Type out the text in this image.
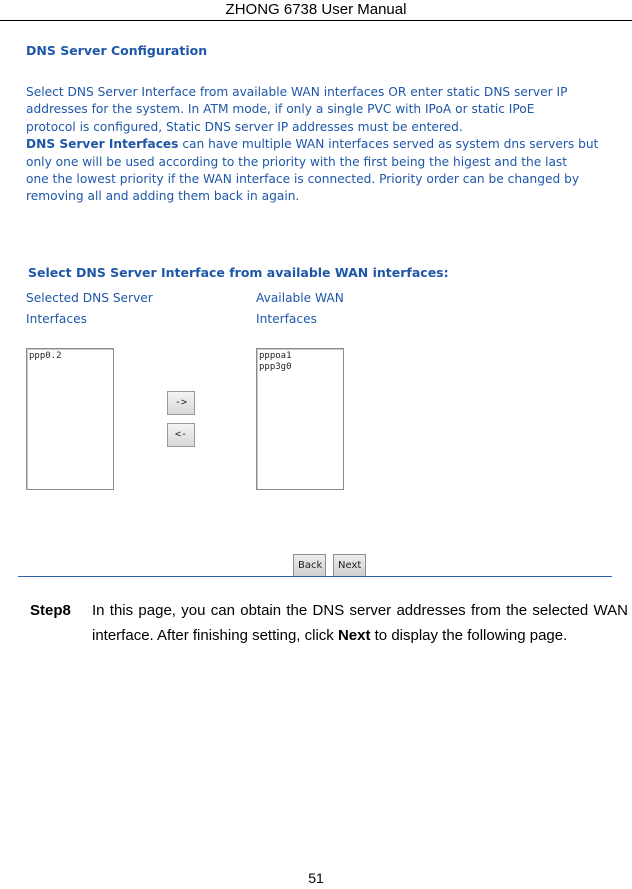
ZHONG 6738 User Manual
DNS Server Configuration

Select DNS Server Interface from available WAN interfaces OR enter static DNS server IP

addresses for the system. In ATM mode, if only a single PVC with IPoA or static IPoE

protocol is configured, Static DNS server IP addresses must be entered.

DNS Server Interfaces can have multiple WAN interfaces served as system dns servers but

only one will be used according to the priority with the first being the higest and the last

one the lowest priority if the WAN interface is connected. Priority order can be changed by

removing all and adding them back in again.

Select DNS Server Interface from available WAN interfaces:
Selected DNS Server
Interfaces
Available WAN
Interfaces
ppp0.2
->
<-
pppoa1
ppp3g0
Back	Next
Step8 In this page, you can obtain the DNS server addresses from the selected WAN interface. After finishing setting, click Next to display the following page.
51
